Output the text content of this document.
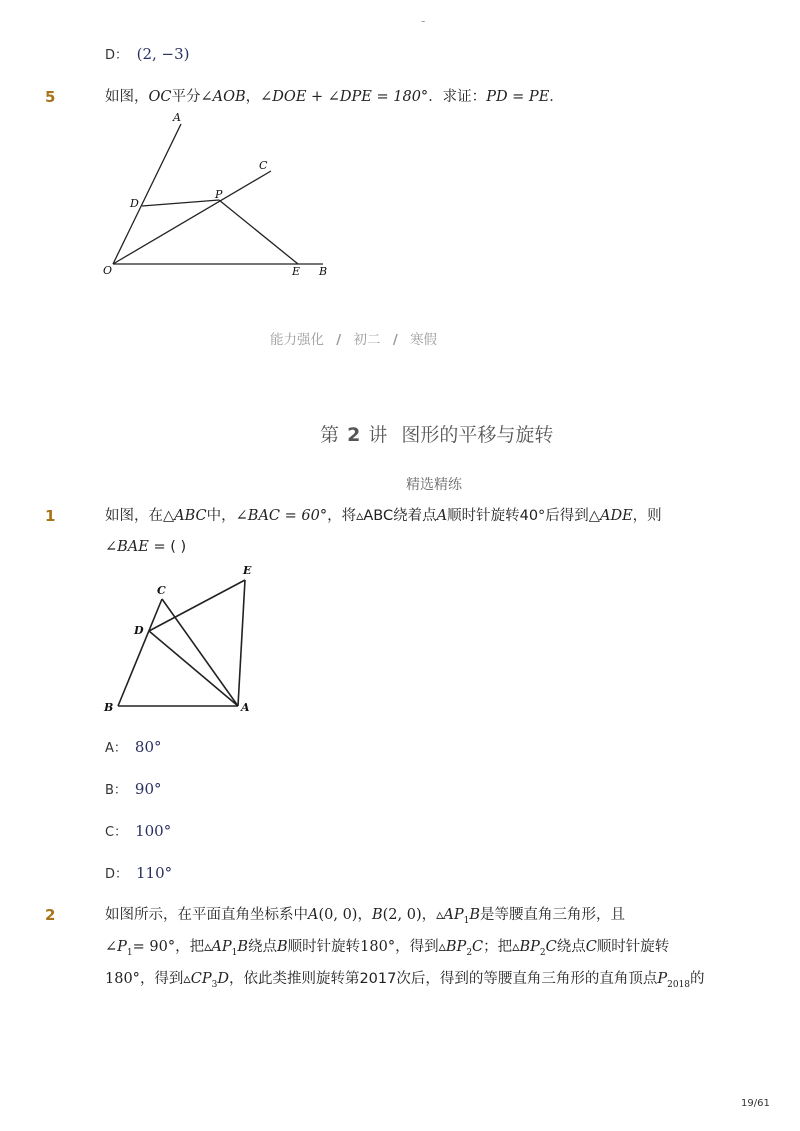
-
D： (2, −3)
5	如图，OC平分∠AOB，∠DOE + ∠DPE = 180°．求证：PD = PE．
A
C
D
P
O	E B
能力强化 / 初二 / 寒假
第 2 讲 图形的平移与旋转
精选精练
1	如图，在△ABC中，∠BAC = 60°，将▵ABC绕着点A顺时针旋转40°后得到△ADE，则
∠BAE = ( )
C
E
D
B	A
A： 80°
B： 90°
C： 100°
D： 110°
2	如图所示，在平面直角坐标系中A(0, 0)，B(2, 0)，$▵AP_1B$是等腰直角三角形，且
$\angle P_1= 90^\circ$，把$▵AP_1B$绕点B顺时针旋转180°，得到$▵BP_2C$；把$▵BP_2C$绕点C顺时针旋转
180°，得到$▵CP_3D$，依此类推则旋转第2017次后，得到的等腰直角三角形的直角顶点$P_{2018}$的
19/61
